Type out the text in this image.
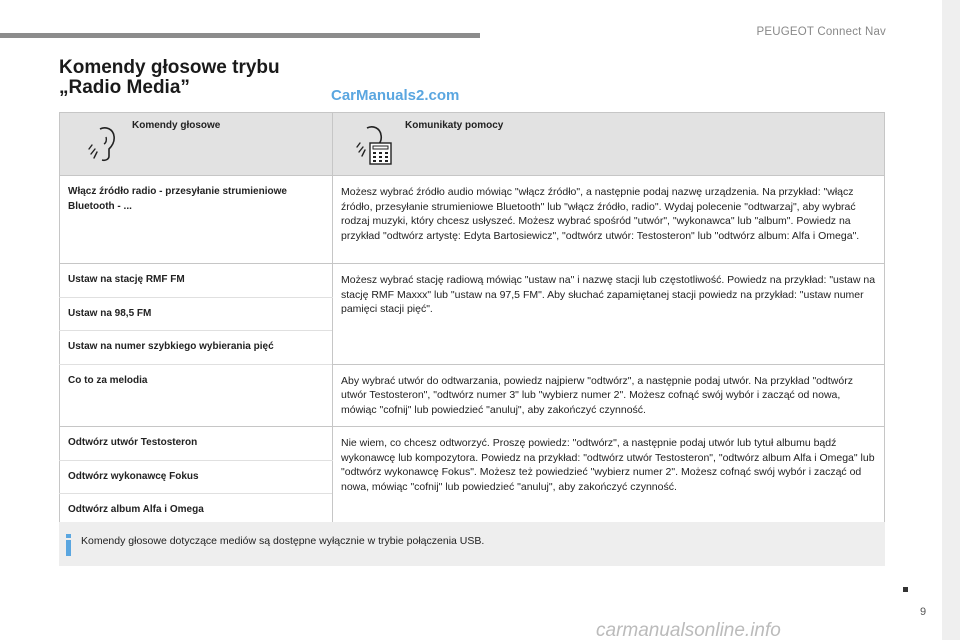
PEUGEOT Connect Nav
Komendy głosowe trybu
„Radio Media”	CarManuals2.com
Komendy głosowe	Komunikaty pomocy

Włącz źródło radio - przesyłanie strumieniowe Bluetooth - ...	Możesz wybrać źródło audio mówiąc "włącz źródło", a następnie podaj nazwę urządzenia. Na przykład: "włącz źródło, przesyłanie strumieniowe Bluetooth" lub "włącz źródło, radio". Wydaj polecenie "odtwarzaj", aby wybrać rodzaj muzyki, który chcesz usłyszeć. Możesz wybrać spośród "utwór", "wykonawca" lub "album". Powiedz na przykład "odtwórz artystę: Edyta Bartosiewicz", "odtwórz utwór: Testosteron" lub "odtwórz album: Alfa i Omega".
Ustaw na stację RMF FM	Możesz wybrać stację radiową mówiąc "ustaw na" i nazwę stacji lub częstotliwość. Powiedz na przykład: "ustaw na stację RMF Maxxx" lub "ustaw na 97,5 FM". Aby słuchać zapamiętanej stacji powiedz na przykład: "ustaw numer pamięci stacji pięć".
Ustaw na 98,5 FM	
Ustaw na numer szybkiego wybierania pięć	
Co to za melodia	Aby wybrać utwór do odtwarzania, powiedz najpierw "odtwórz", a następnie podaj utwór. Na przykład "odtwórz utwór Testosteron", "odtwórz numer 3" lub "wybierz numer 2". Możesz cofnąć swój wybór i zacząć od nowa, mówiąc "cofnij" lub powiedzieć "anuluj", aby zakończyć czynność.
Odtwórz utwór Testosteron	Nie wiem, co chcesz odtworzyć. Proszę powiedz: "odtwórz", a następnie podaj utwór lub tytuł albumu bądź wykonawcę lub kompozytora. Powiedz na przykład: "odtwórz utwór Testosteron", "odtwórz album Alfa i Omega" lub "odtwórz wykonawcę Fokus". Możesz też powiedzieć "wybierz numer 2". Możesz cofnąć swój wybór i zacząć od nowa, mówiąc "cofnij" lub powiedzieć "anuluj", aby zakończyć czynność.
Odtwórz wykonawcę Fokus	
Odtwórz album Alfa i Omega	
Komendy głosowe dotyczące mediów są dostępne wyłącznie w trybie połączenia USB.
9
carmanualsonline.info
